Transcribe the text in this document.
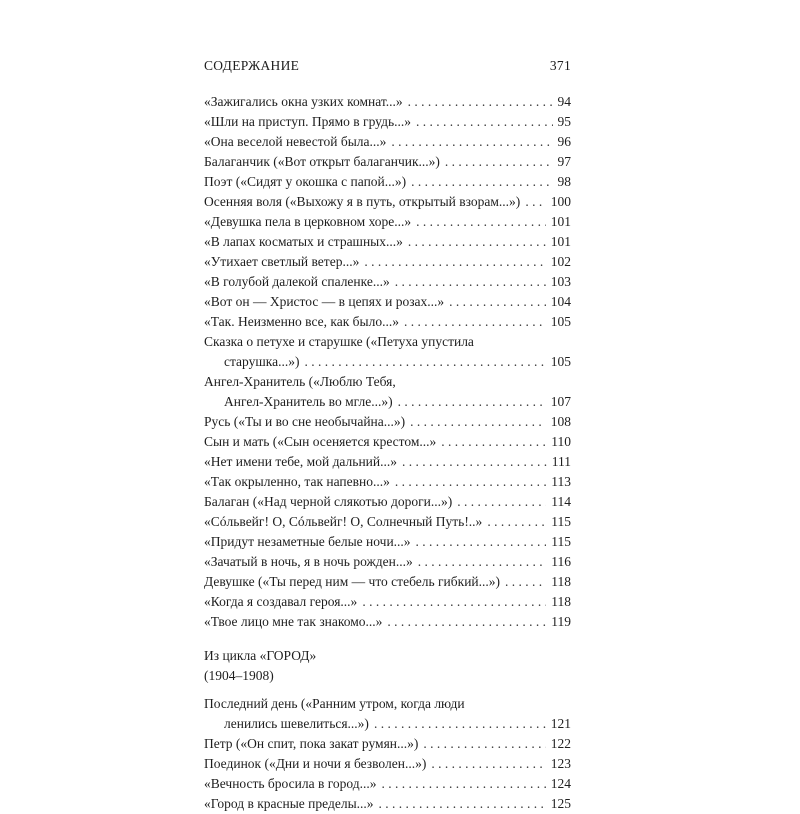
СОДЕРЖАНИЕ	371
«Зажигались окна узких комнат...» . . .	94
«Шли на приступ. Прямо в грудь...» . . .	95
«Она веселой невестой была...» . . .	96
Балаганчик («Вот открыт балаганчик...») . . .	97
Поэт («Сидят у окошка с папой...») . . .	98
Осенняя воля («Выхожу я в путь, открытый взорам...») . . . 100
«Девушка пела в церковном хоре...» . . .	101
«В лапах косматых и страшных...» . . .	101
«Утихает светлый ветер...» . . .	102
«В голубой далекой спаленке...» . . .	103
«Вот он — Христос — в цепях и розах...» . . .	104
«Так. Неизменно все, как было...» . . .	105
Сказка о петухе и старушке («Петуха упустила
старушка...») . . .	105
Ангел-Хранитель («Люблю Тебя,
Ангел-Хранитель во мгле...») . . .	107
Русь («Ты и во сне необычайна...») . . .	108
Сын и мать («Сын осеняется крестом...» . . .	110
«Нет имени тебе, мой дальний...» . . .	111
«Так окрыленно, так напевно...» . . .	113
Балаган («Над черной слякотью дороги...») . . .	114
«Сóльвейг! О, Сóльвейг! О, Солнечный Путь!..» . . .	115
«Придут незаметные белые ночи...» . . .	115
«Зачатый в ночь, я в ночь рожден...» . . .	116
Девушке («Ты перед ним — что стебель гибкий...») . . .	118
«Когда я создавал героя...» . . .	118
«Твое лицо мне так знакомо...» . . .	119
Из цикла «ГОРОД»
(1904–1908)
Последний день («Ранним утром, когда люди
ленились шевелиться...») . . .	121
Петр («Он спит, пока закат румян...») . . .	122
Поединок («Дни и ночи я безволен...») . . .	123
«Вечность бросила в город...» . . .	124
«Город в красные пределы...» . . .	125
